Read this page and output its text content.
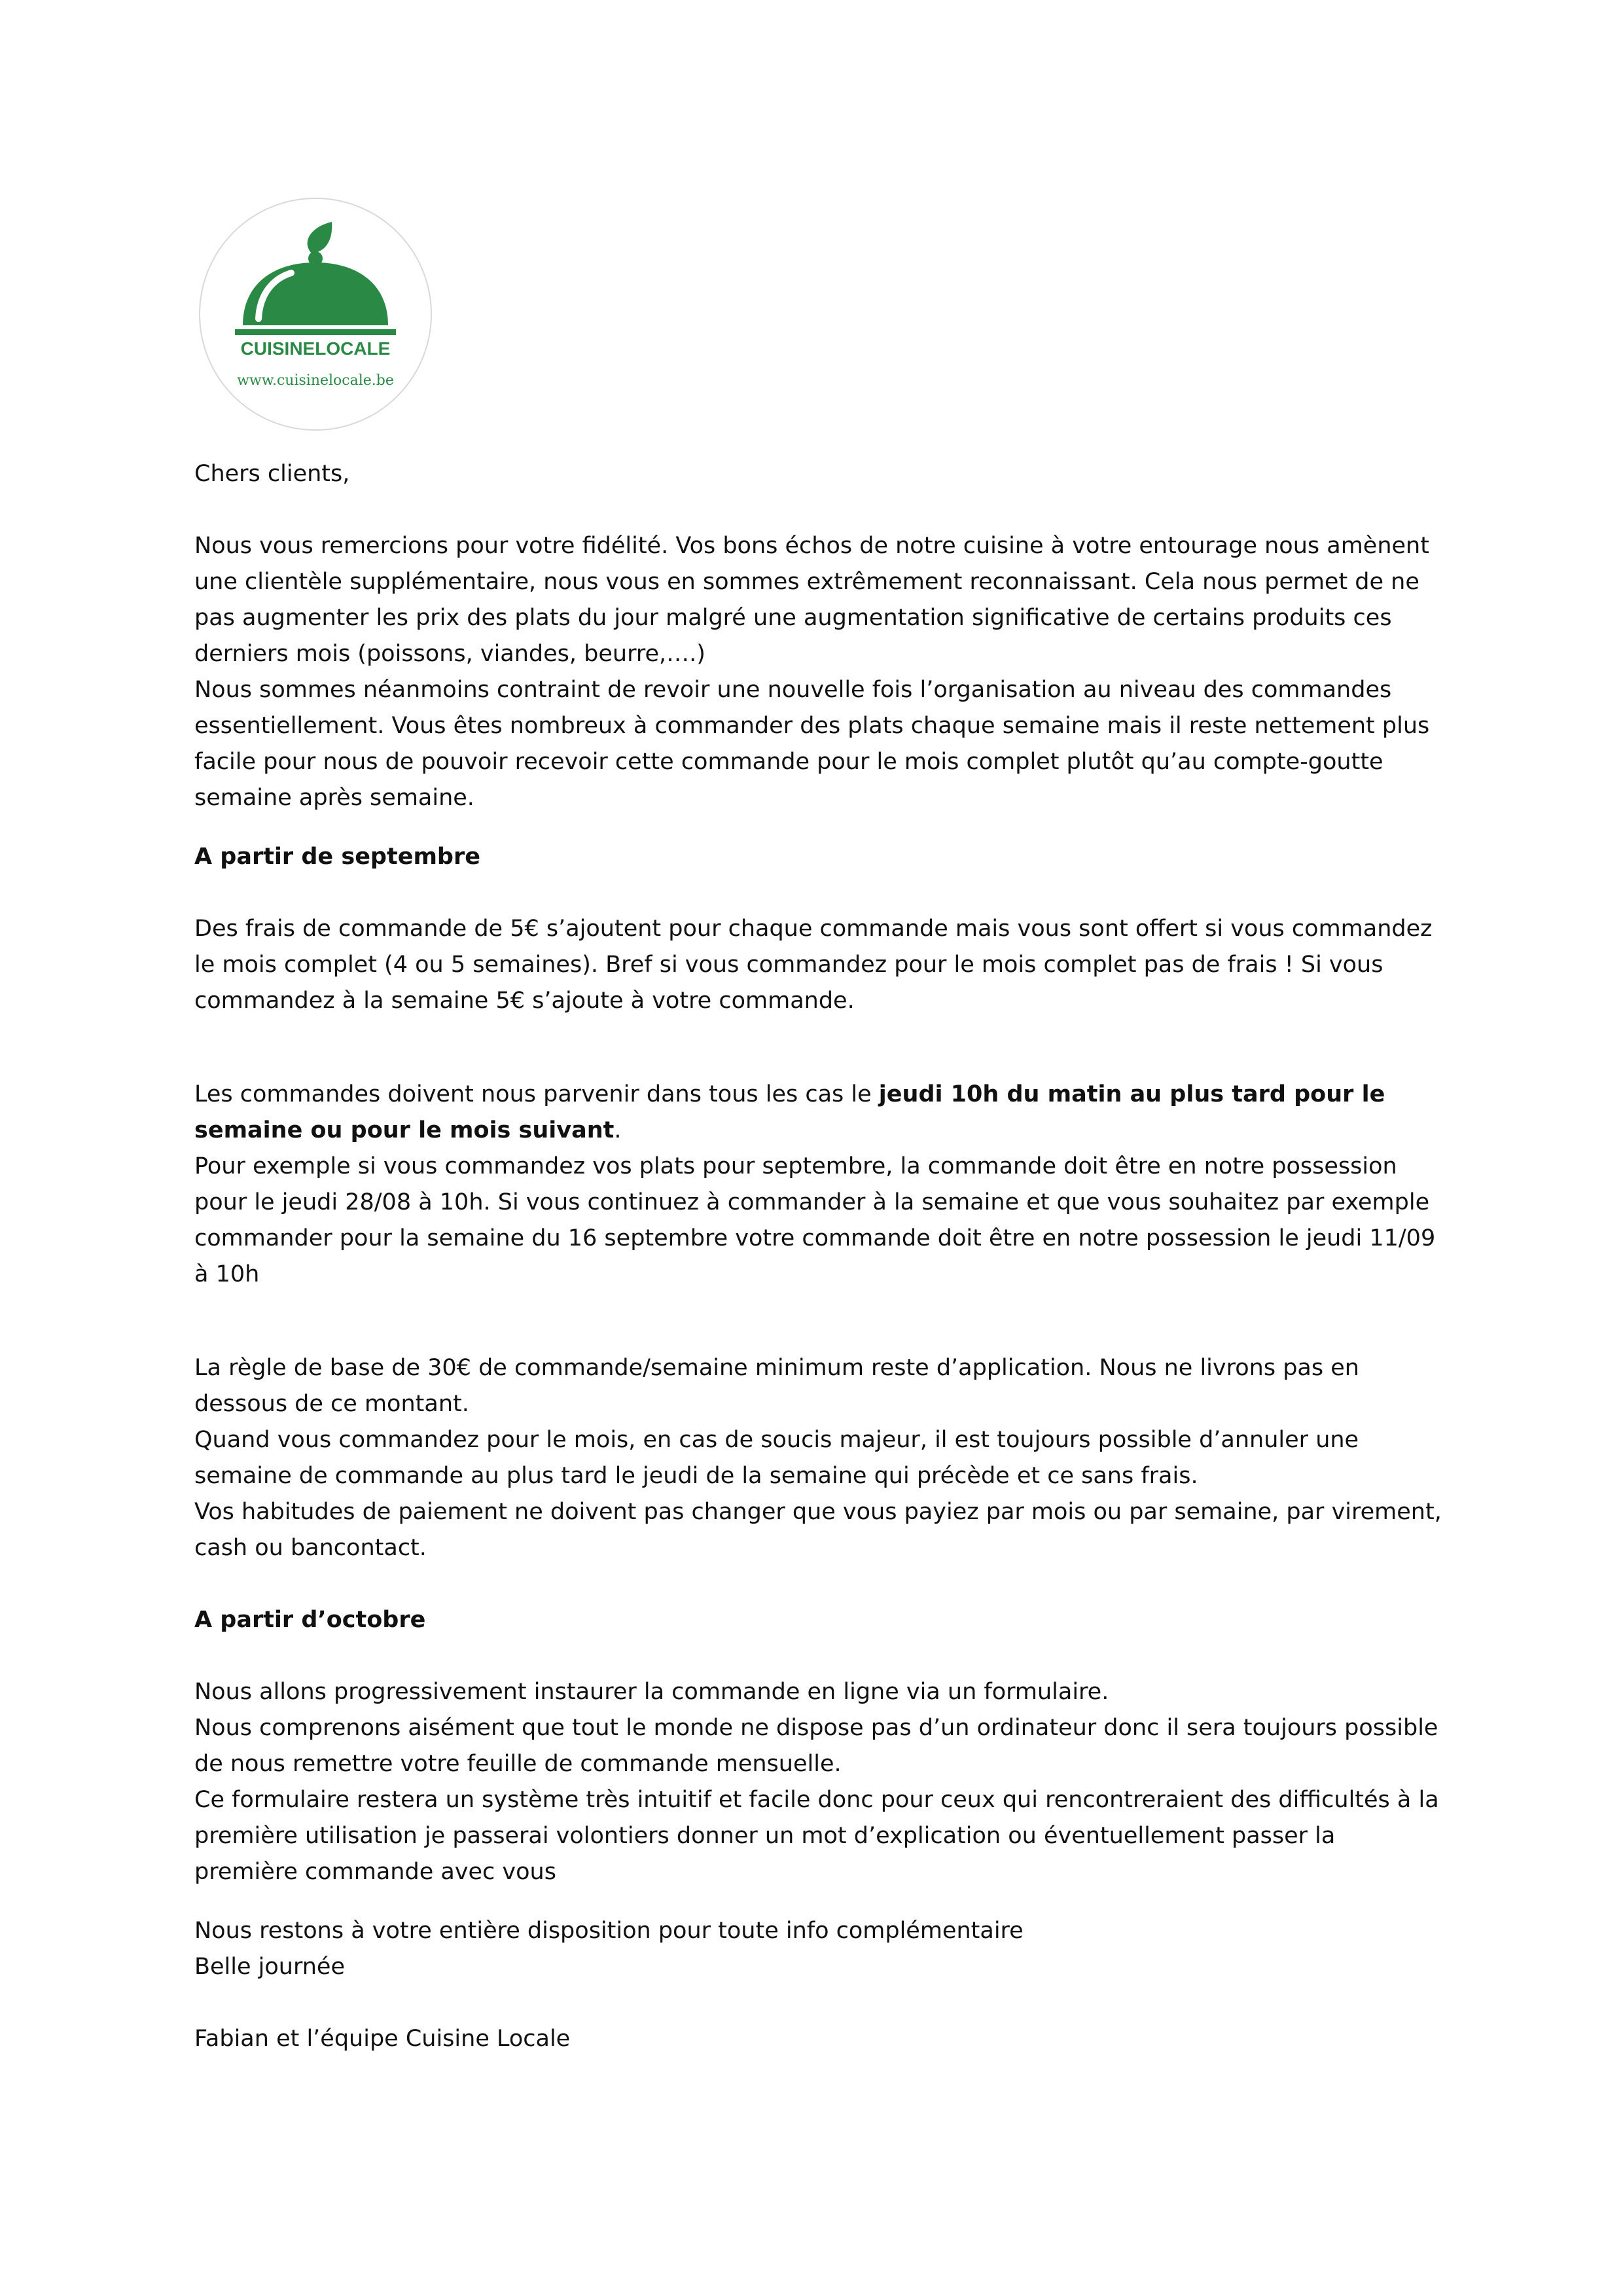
CUISINELOCALE
www.cuisinelocale.be

Chers clients,

Nous vous remercions pour votre fidélité. Vos bons échos de notre cuisine à votre entourage nous amènent une clientèle supplémentaire, nous vous en sommes extrêmement reconnaissant. Cela nous permet de ne pas augmenter les prix des plats du jour malgré une augmentation significative de certains produits ces derniers mois (poissons, viandes, beurre,….)

Nous sommes néanmoins contraint de revoir une nouvelle fois l’organisation au niveau des commandes essentiellement. Vous êtes nombreux à commander des plats chaque semaine mais il reste nettement plus facile pour nous de pouvoir recevoir cette commande pour le mois complet plutôt qu’au compte-goutte semaine après semaine.

A partir de septembre

Des frais de commande de 5€ s’ajoutent pour chaque commande mais vous sont offert si vous commandez le mois complet (4 ou 5 semaines). Bref si vous commandez pour le mois complet pas de frais ! Si vous commandez à la semaine 5€ s’ajoute à votre commande.

Les commandes doivent nous parvenir dans tous les cas le jeudi 10h du matin au plus tard pour le semaine ou pour le mois suivant.

Pour exemple si vous commandez vos plats pour septembre, la commande doit être en notre possession pour le jeudi 28/08 à 10h. Si vous continuez à commander à la semaine et que vous souhaitez par exemple commander pour la semaine du 16 septembre votre commande doit être en notre possession le jeudi 11/09 à 10h

La règle de base de 30€ de commande/semaine minimum reste d’application. Nous ne livrons pas en dessous de ce montant.

Quand vous commandez pour le mois, en cas de soucis majeur, il est toujours possible d’annuler une semaine de commande au plus tard le jeudi de la semaine qui précède et ce sans frais.

Vos habitudes de paiement ne doivent pas changer que vous payiez par mois ou par semaine, par virement, cash ou bancontact.

A partir d’octobre

Nous allons progressivement instaurer la commande en ligne via un formulaire.

Nous comprenons aisément que tout le monde ne dispose pas d’un ordinateur donc il sera toujours possible de nous remettre votre feuille de commande mensuelle.

Ce formulaire restera un système très intuitif et facile donc pour ceux qui rencontreraient des difficultés à la première utilisation je passerai volontiers donner un mot d’explication ou éventuellement passer la première commande avec vous

Nous restons à votre entière disposition pour toute info complémentaire

Belle journée

Fabian et l’équipe Cuisine Locale
